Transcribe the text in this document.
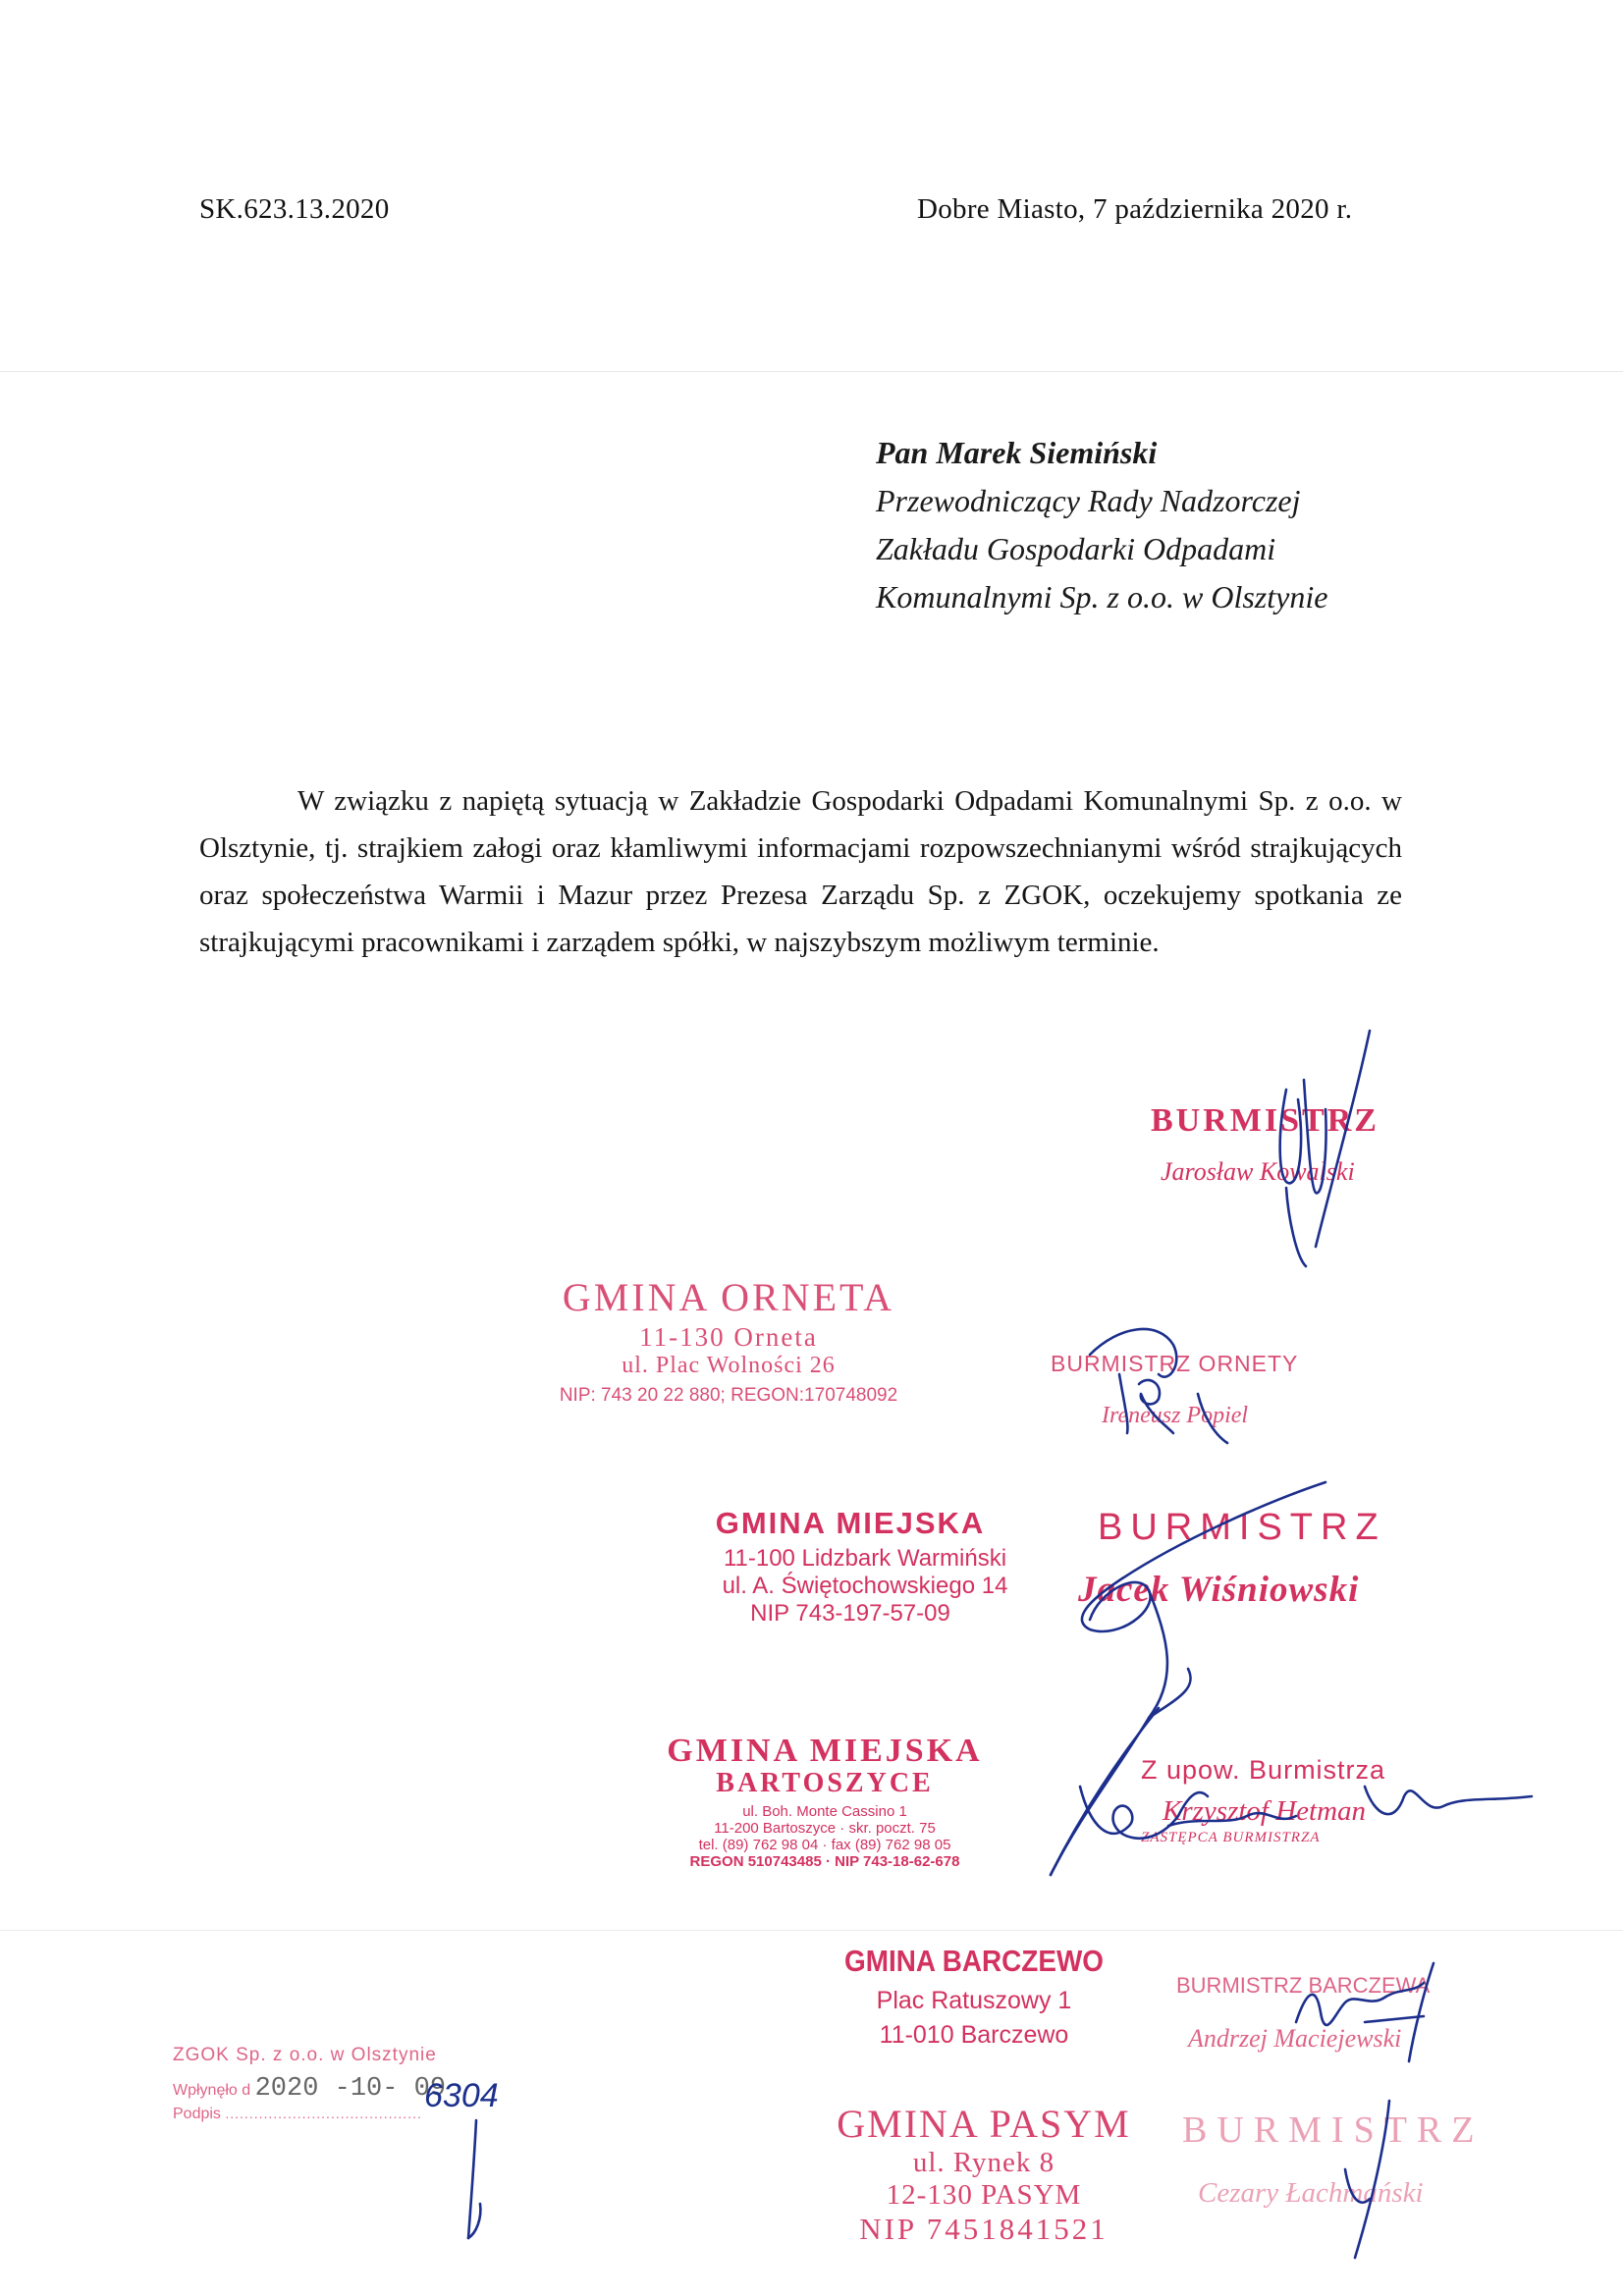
SK.623.13.2020	Dobre Miasto, 7 października 2020 r.
Pan Marek Siemiński
Przewodniczący Rady Nadzorczej
Zakładu Gospodarki Odpadami
Komunalnymi Sp. z o.o. w Olsztynie
W związku z napiętą sytuacją w Zakładzie Gospodarki Odpadami Komunalnymi Sp. z o.o. w Olsztynie, tj. strajkiem załogi oraz kłamliwymi informacjami rozpowszechnianymi wśród strajkujących oraz społeczeństwa Warmii i Mazur przez Prezesa Zarządu Sp. z ZGOK, oczekujemy spotkania ze strajkującymi pracownikami i zarządem spółki, w najszybszym możliwym terminie.
BURMISTRZ
Jarosław Kowalski
GMINA ORNETA
11-130 Orneta
ul. Plac Wolności 26
NIP: 743 20 22 880; REGON:170748092
BURMISTRZ ORNETY
Ireneusz Popiel
GMINA MIEJSKA
11-100 Lidzbark Warmiński
ul. A. Świętochowskiego 14
NIP 743-197-57-09
BURMISTRZ
Jacek Wiśniowski
GMINA MIEJSKA
BARTOSZYCE
ul. Boh. Monte Cassino 1
11-200 Bartoszyce · skr. poczt. 75
tel. (89) 762 98 04 · fax (89) 762 98 05
REGON 510743485 · NIP 743-18-62-678
Z upow. Burmistrza
Krzysztof Hetman
ZASTĘPCA BURMISTRZA
GMINA BARCZEWO
Plac Ratuszowy 1
11-010 Barczewo
BURMISTRZ BARCZEWA
Andrzej Maciejewski
ZGOK Sp. z o.o. w Olsztynie
Wpłynęło d 2020 -10- 09
Podpis ......................................... 6304
GMINA PASYM
ul. Rynek 8
12-130 PASYM
NIP 7451841521
BURMISTRZ
Cezary Łachmański
